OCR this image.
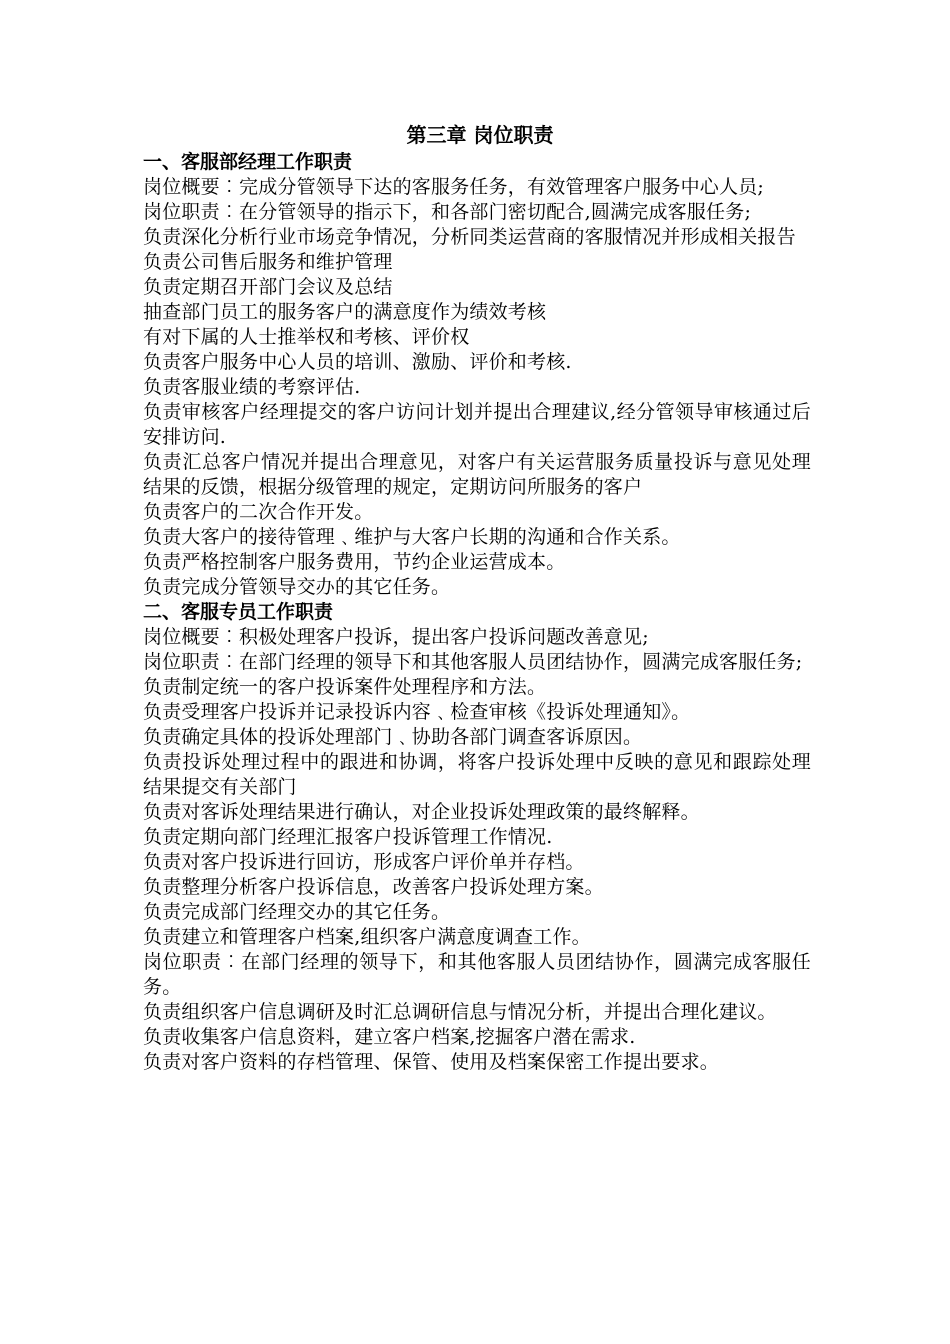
第三章 岗位职责
一、客服部经理工作职责

岗位概要︰完成分管领导下达的客服务任务，有效管理客户服务中心人员;

岗位职责︰在分管领导的指示下，和各部门密切配合,圆满完成客服任务;

负责深化分析行业市场竞争情况，分析同类运营商的客服情况并形成相关报告

负责公司售后服务和维护管理

负责定期召开部门会议及总结

抽查部门员工的服务客户的满意度作为绩效考核

有对下属的人士推举权和考核、评价权

负责客户服务中心人员的培训、激励、评价和考核.

负责客服业绩的考察评估.

负责审核客户经理提交的客户访问计划并提出合理建议,经分管领导审核通过后安排访问.

负责汇总客户情况并提出合理意见，对客户有关运营服务质量投诉与意见处理结果的反馈，根据分级管理的规定，定期访问所服务的客户

负责客户的二次合作开发。

负责大客户的接待管理﹑维护与大客户长期的沟通和合作关系。

负责严格控制客户服务费用，节约企业运营成本。

负责完成分管领导交办的其它任务。

二、客服专员工作职责

岗位概要︰积极处理客户投诉，提出客户投诉问题改善意见;

岗位职责︰在部门经理的领导下和其他客服人员团结协作，圆满完成客服任务;

负责制定统一的客户投诉案件处理程序和方法。

负责受理客户投诉并记录投诉内容﹑检查审核《投诉处理通知》。

负责确定具体的投诉处理部门﹑协助各部门调查客诉原因。

负责投诉处理过程中的跟进和协调，将客户投诉处理中反映的意见和跟踪处理结果提交有关部门

负责对客诉处理结果进行确认，对企业投诉处理政策的最终解释。

负责定期向部门经理汇报客户投诉管理工作情况.

负责对客户投诉进行回访，形成客户评价单并存档。

负责整理分析客户投诉信息，改善客户投诉处理方案。

负责完成部门经理交办的其它任务。

负责建立和管理客户档案,组织客户满意度调查工作。

岗位职责︰在部门经理的领导下，和其他客服人员团结协作，圆满完成客服任务。

负责组织客户信息调研及时汇总调研信息与情况分析，并提出合理化建议。

负责收集客户信息资料，建立客户档案,挖掘客户潜在需求.

负责对客户资料的存档管理、保管、使用及档案保密工作提出要求。
